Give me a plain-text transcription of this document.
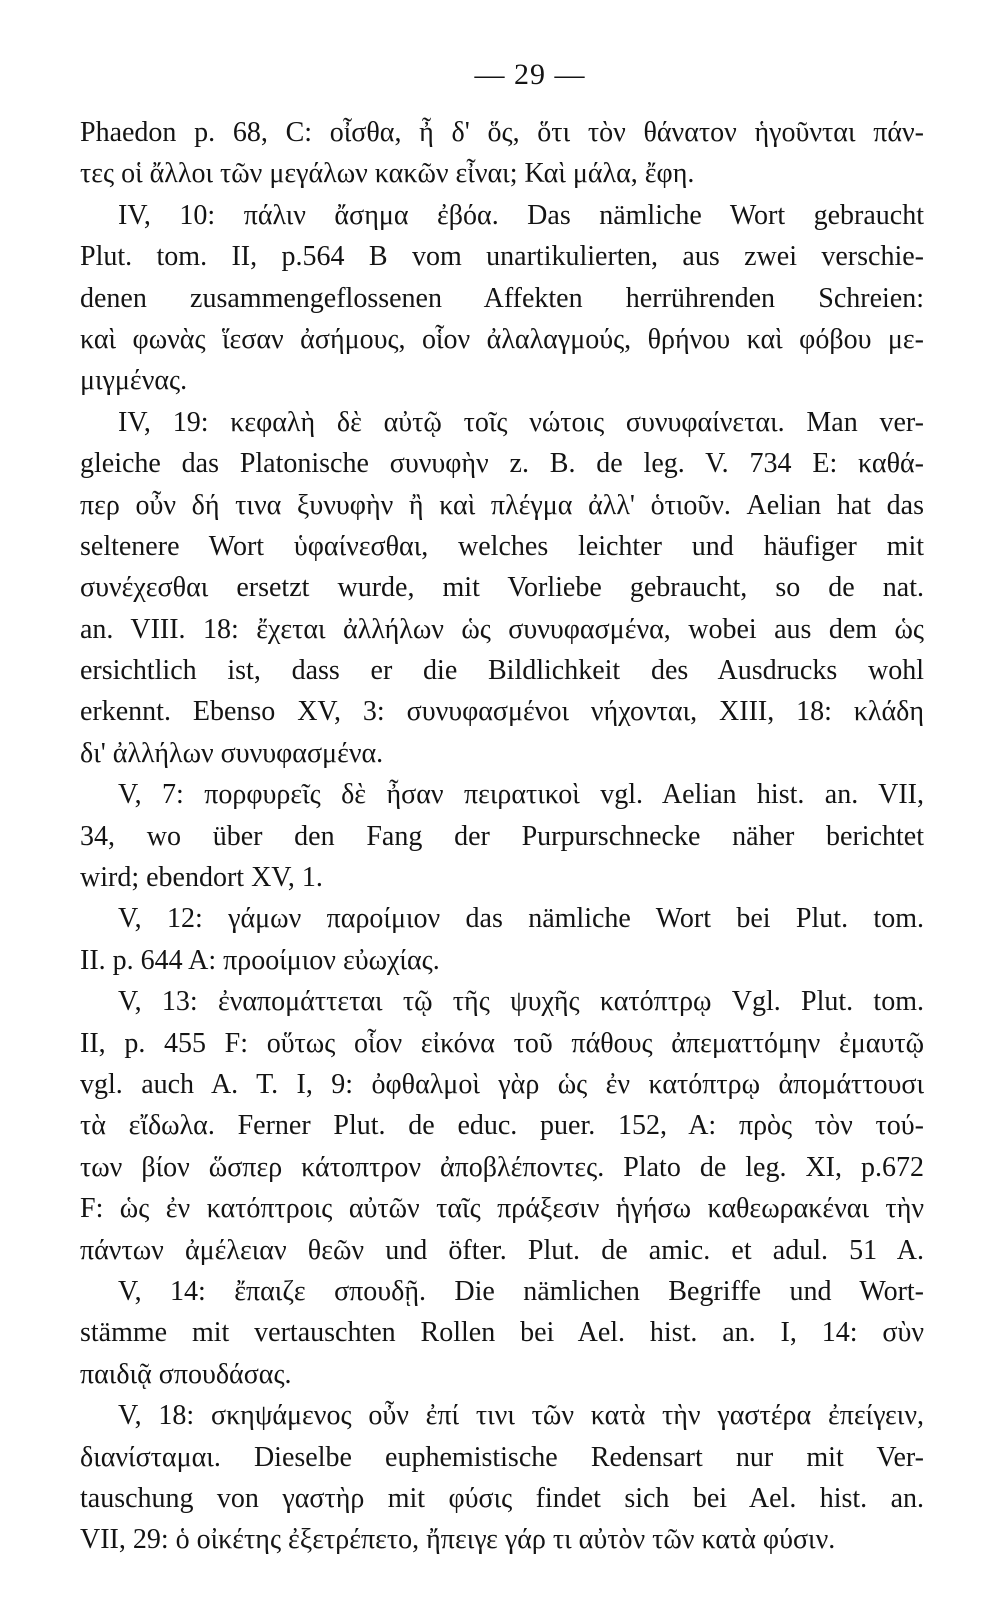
— 29 —
Phaedon p. 68, C: οἶσθα, ἦ δ' ὅς, ὅτι τὸν θάνατον ἡγοῦνται πάν-
τες οἱ ἄλλοι τῶν μεγάλων κακῶν εἶναι; Καὶ μάλα, ἔφη.
IV, 10: πάλιν ἄσημα ἐβόα. Das nämliche Wort gebraucht
Plut. tom. II, p.564 B vom unartikulierten, aus zwei verschie-
denen zusammengeflossenen Affekten herrührenden Schreien:
καὶ φωνὰς ἵεσαν ἀσήμους, οἷον ἀλαλαγμούς, θρήνου καὶ φόβου με-
μιγμένας.
IV, 19: κεφαλὴ δὲ αὐτῷ τοῖς νώτοις συνυφαίνεται. Man ver-
gleiche das Platonische συνυφὴν z. B. de leg. V. 734 E: καθά-
περ οὖν δή τινα ξυνυφὴν ἢ καὶ πλέγμα ἀλλ' ὁτιοῦν. Aelian hat das
seltenere Wort ὑφαίνεσθαι, welches leichter und häufiger mit
συνέχεσθαι ersetzt wurde, mit Vorliebe gebraucht, so de nat.
an. VIII. 18: ἔχεται ἀλλήλων ὡς συνυφασμένα, wobei aus dem ὡς
ersichtlich ist, dass er die Bildlichkeit des Ausdrucks wohl
erkennt. Ebenso XV, 3: συνυφασμένοι νήχονται, XIII, 18: κλάδη
δι' ἀλλήλων συνυφασμένα.
V, 7: πορφυρεῖς δὲ ἦσαν πειρατικοὶ vgl. Aelian hist. an. VII,
34, wo über den Fang der Purpurschnecke näher berichtet
wird; ebendort XV, 1.
V, 12: γάμων παροίμιον das nämliche Wort bei Plut. tom.
II. p. 644 A: προοίμιον εὐωχίας.
V, 13: ἐναπομάττεται τῷ τῆς ψυχῆς κατόπτρῳ Vgl. Plut. tom.
II, p. 455 F: οὕτως οἷον εἰκόνα τοῦ πάθους ἀπεματτόμην ἐμαυτῷ
vgl. auch A. T. I, 9: ὀφθαλμοὶ γὰρ ὡς ἐν κατόπτρῳ ἀπομάττουσι
τὰ εἴδωλα. Ferner Plut. de educ. puer. 152, A: πρὸς τὸν τού-
των βίον ὥσπερ κάτοπτρον ἀποβλέποντες. Plato de leg. XI, p.672
F: ὡς ἐν κατόπτροις αὐτῶν ταῖς πράξεσιν ἡγήσω καθεωρακέναι τὴν
πάντων ἀμέλειαν θεῶν und öfter. Plut. de amic. et adul. 51 A.
V, 14: ἔπαιζε σπουδῇ. Die nämlichen Begriffe und Wort-
stämme mit vertauschten Rollen bei Ael. hist. an. I, 14: σὺν
παιδιᾷ σπουδάσας.
V, 18: σκηψάμενος οὖν ἐπί τινι τῶν κατὰ τὴν γαστέρα ἐπείγειν,
διανίσταμαι. Dieselbe euphemistische Redensart nur mit Ver-
tauschung von γαστὴρ mit φύσις findet sich bei Ael. hist. an.
VII, 29: ὁ οἰκέτης ἐξετρέπετο, ἤπειγε γάρ τι αὐτὸν τῶν κατὰ φύσιν.
